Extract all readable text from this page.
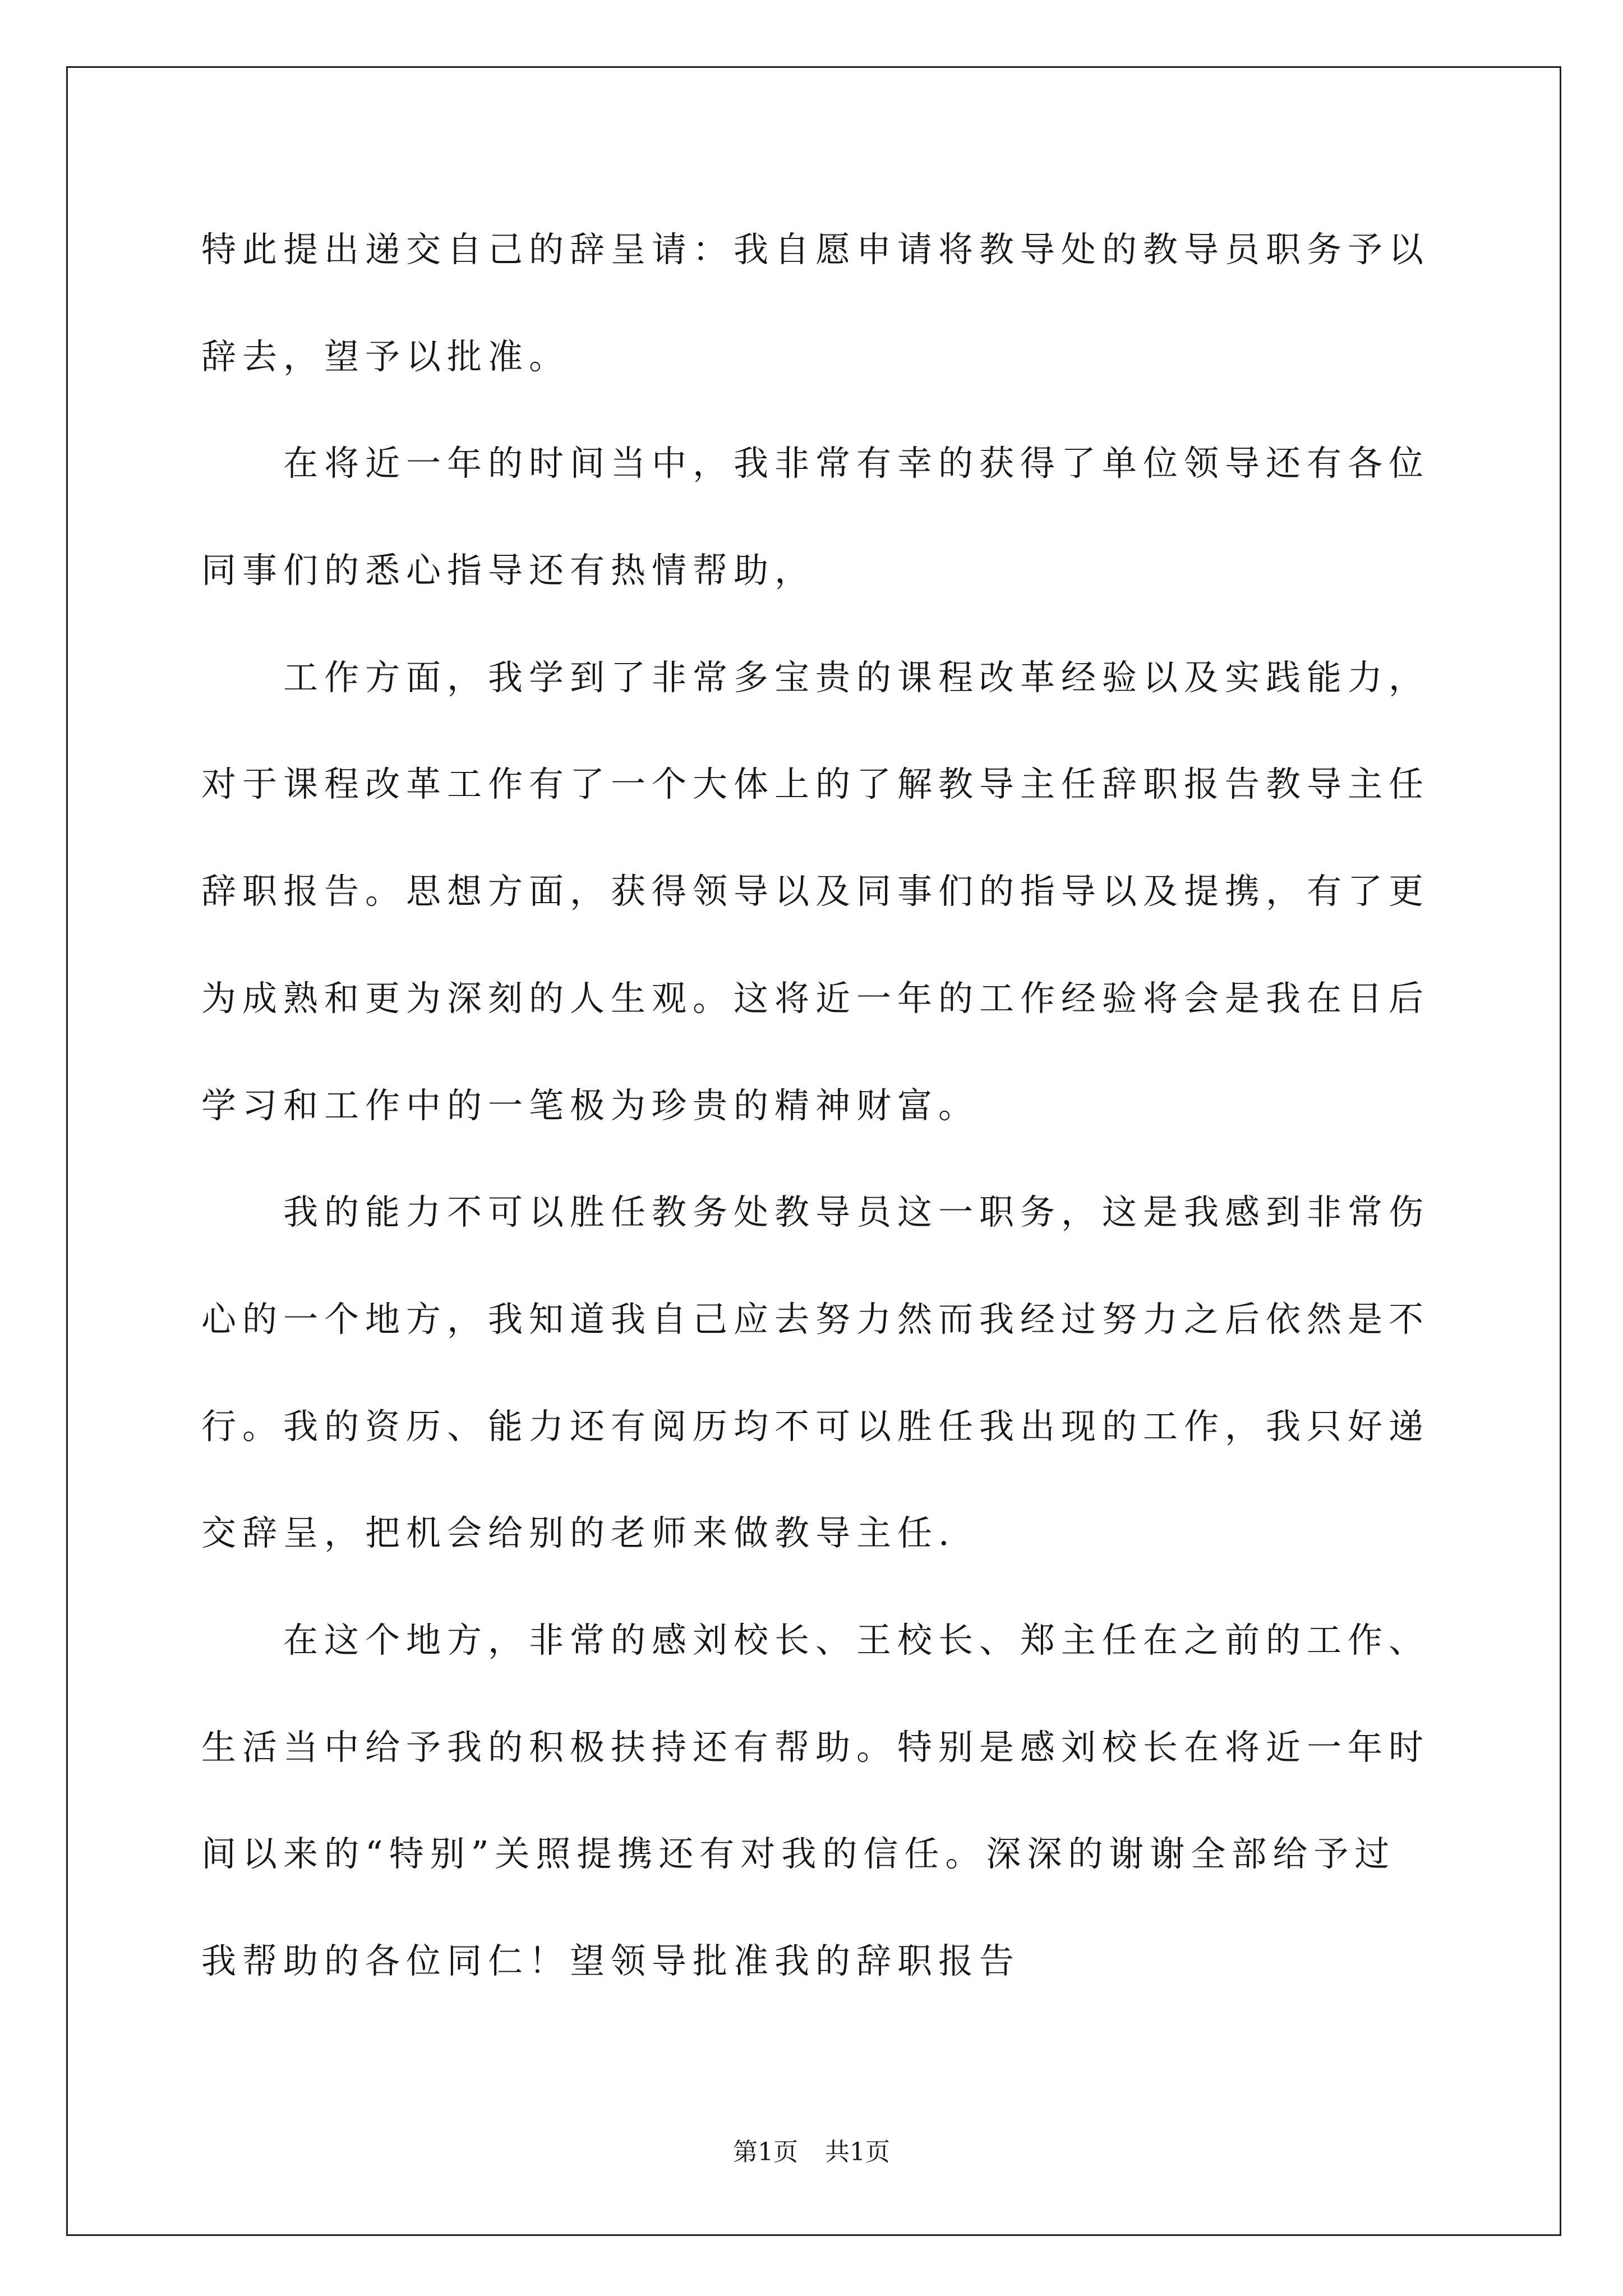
特此提出递交自己的辞呈请：我自愿申请将教导处的教导员职务予以
辞去，望予以批准。
在将近一年的时间当中，我非常有幸的获得了单位领导还有各位
同事们的悉心指导还有热情帮助，
工作方面，我学到了非常多宝贵的课程改革经验以及实践能力，
对于课程改革工作有了一个大体上的了解教导主任辞职报告教导主任
辞职报告。思想方面，获得领导以及同事们的指导以及提携，有了更
为成熟和更为深刻的人生观。这将近一年的工作经验将会是我在日后
学习和工作中的一笔极为珍贵的精神财富。
我的能力不可以胜任教务处教导员这一职务，这是我感到非常伤
心的一个地方，我知道我自己应去努力然而我经过努力之后依然是不
行。我的资历、能力还有阅历均不可以胜任我出现的工作，我只好递
交辞呈，把机会给别的老师来做教导主任.
在这个地方，非常的感刘校长、王校长、郑主任在之前的工作、
生活当中给予我的积极扶持还有帮助。特别是感刘校长在将近一年时
间以来的“特别”关照提携还有对我的信任。深深的谢谢全部给予过
我帮助的各位同仁！望领导批准我的辞职报告
第1页 共1页
